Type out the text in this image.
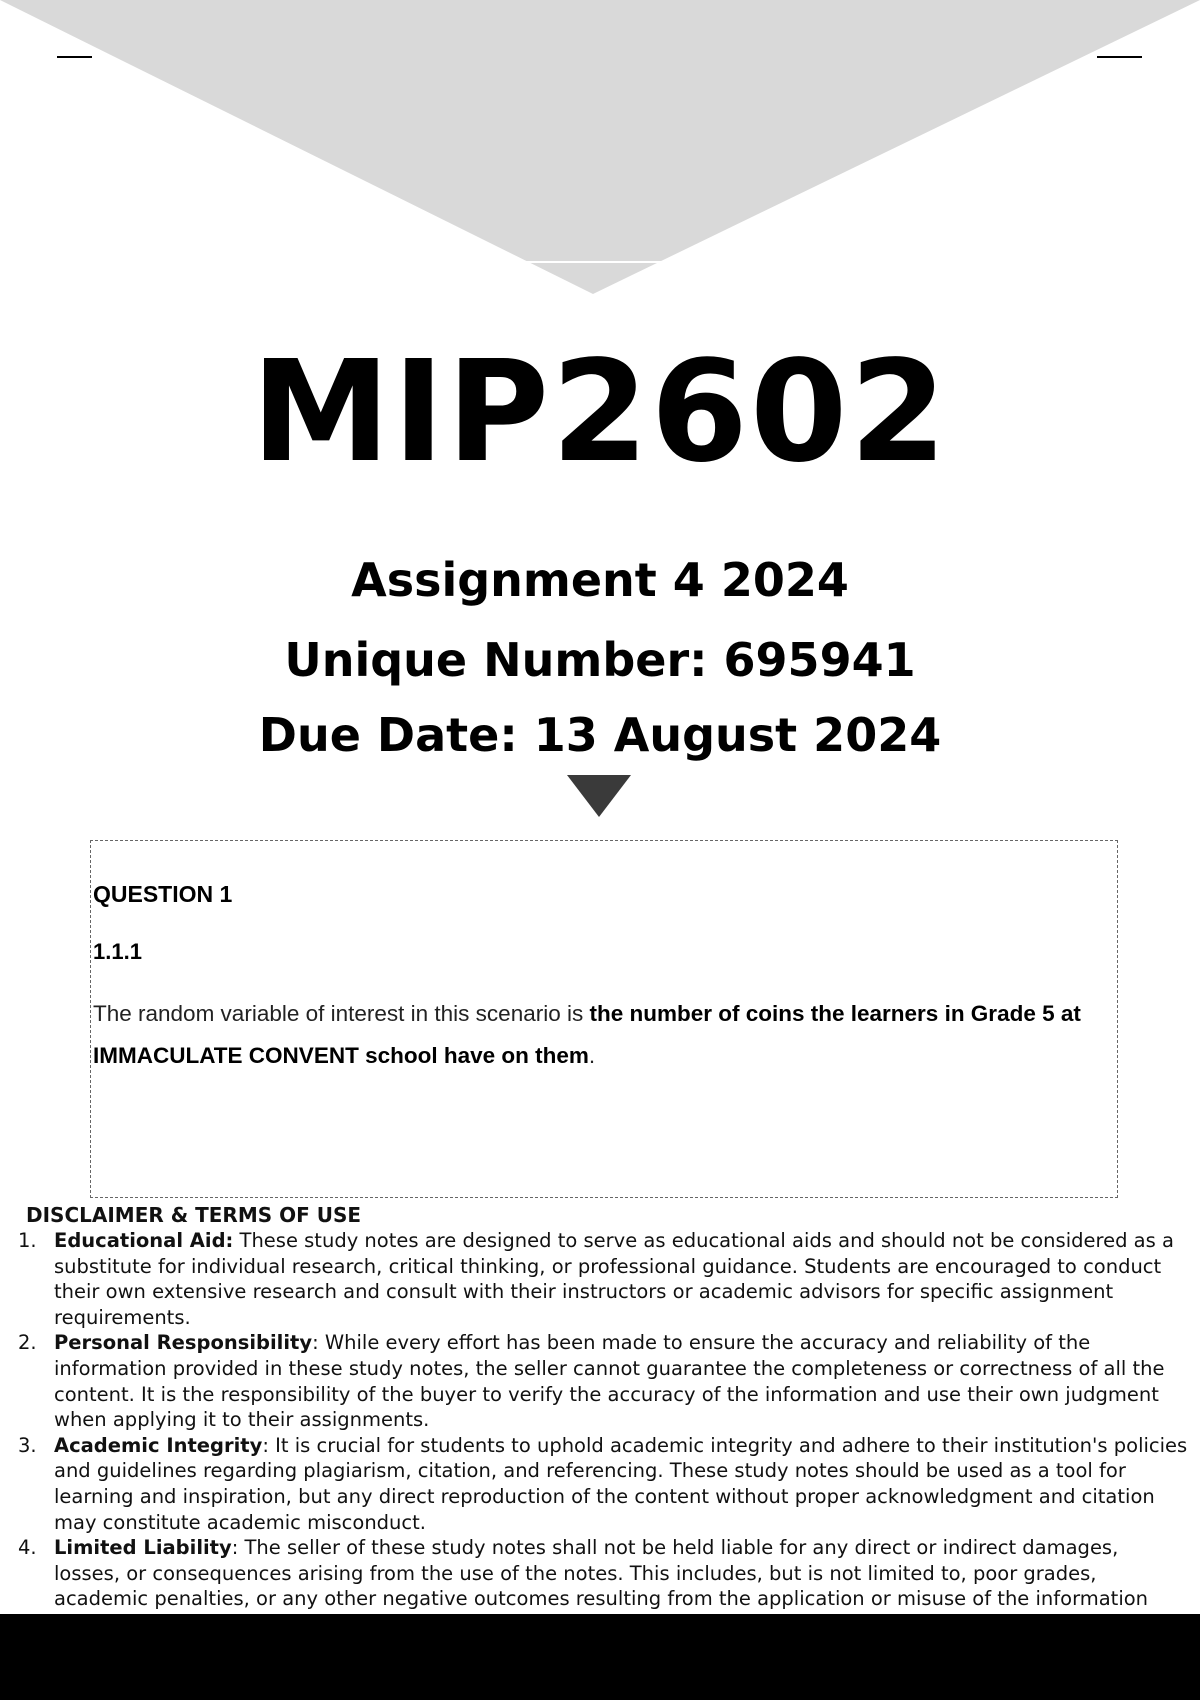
MIP2602
Assignment 4 2024
Unique Number: 695941
Due Date: 13 August 2024
QUESTION 1
1.1.1
The random variable of interest in this scenario is the number of coins the learners in Grade 5 at IMMACULATE CONVENT school have on them.
DISCLAIMER & TERMS OF USE
1. Educational Aid: These study notes are designed to serve as educational aids and should not be considered as a substitute for individual research, critical thinking, or professional guidance. Students are encouraged to conduct their own extensive research and consult with their instructors or academic advisors for specific assignment requirements.
2. Personal Responsibility: While every effort has been made to ensure the accuracy and reliability of the information provided in these study notes, the seller cannot guarantee the completeness or correctness of all the content. It is the responsibility of the buyer to verify the accuracy of the information and use their own judgment when applying it to their assignments.
3. Academic Integrity: It is crucial for students to uphold academic integrity and adhere to their institution's policies and guidelines regarding plagiarism, citation, and referencing. These study notes should be used as a tool for learning and inspiration, but any direct reproduction of the content without proper acknowledgment and citation may constitute academic misconduct.
4. Limited Liability: The seller of these study notes shall not be held liable for any direct or indirect damages, losses, or consequences arising from the use of the notes. This includes, but is not limited to, poor grades, academic penalties, or any other negative outcomes resulting from the application or misuse of the information
